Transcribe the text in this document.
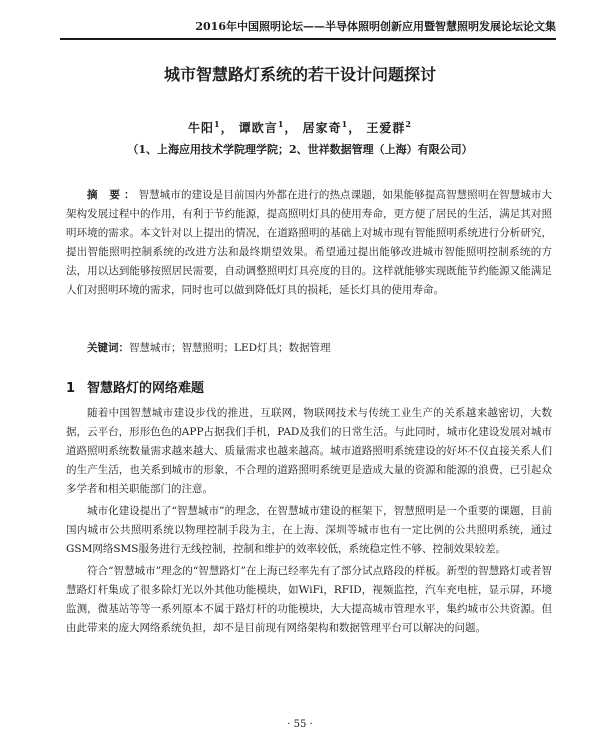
2016年中国照明论坛——半导体照明创新应用暨智慧照明发展论坛论文集
城市智慧路灯系统的若干设计问题探讨
牛阳$^1$， 谭欧言$^1$， 居家奇$^1$， 王爱群$^2$
（1、上海应用技术学院理学院；2、世祥数据管理（上海）有限公司）

摘 要：智慧城市的建设是目前国内外都在进行的热点课题，如果能够提高智慧照明在智慧城市大架构发展过程中的作用，有利于节约能源，提高照明灯具的使用寿命，更方便了居民的生活，满足其对照明环境的需求。本文针对以上提出的情况，在道路照明的基础上对城市现有智能照明系统进行分析研究，提出智能照明控制系统的改进方法和最终期望效果。希望通过提出能够改进城市智能照明控制系统的方法，用以达到能够按照居民需要，自动调整照明灯具亮度的目的。这样就能够实现既能节约能源又能满足人们对照明环境的需求，同时也可以做到降低灯具的损耗，延长灯具的使用寿命。

关键词：智慧城市；智慧照明；LED灯具；数据管理
1 智慧路灯的网络难题

随着中国智慧城市建设步伐的推进，互联网，物联网技术与传统工业生产的关系越来越密切，大数据，云平台，形形色色的APP占据我们手机，PAD及我们的日常生活。与此同时，城市化建设发展对城市道路照明系统数量需求越来越大、质量需求也越来越高。城市道路照明系统建设的好坏不仅直接关系人们的生产生活，也关系到城市的形象，不合理的道路照明系统更是造成大量的资源和能源的浪费，已引起众多学者和相关职能部门的注意。

城市化建设提出了“智慧城市”的理念，在智慧城市建设的框架下，智慧照明是一个重要的课题，目前国内城市公共照明系统以物理控制手段为主，在上海、深圳等城市也有一定比例的公共照明系统，通过GSM网络SMS服务进行无线控制，控制和维护的效率较低，系统稳定性不够、控制效果较差。

符合“智慧城市”理念的“智慧路灯”在上海已经率先有了部分试点路段的样板。新型的智慧路灯或者智慧路灯杆集成了很多除灯光以外其他功能模块，如WiFi，RFID，视频监控，汽车充电桩，显示屏，环境监测，微基站等等一系列原本不属于路灯杆的功能模块，大大提高城市管理水平，集约城市公共资源。但由此带来的庞大网络系统负担，却不是目前现有网络架构和数据管理平台可以解决的问题。

· 55 ·
